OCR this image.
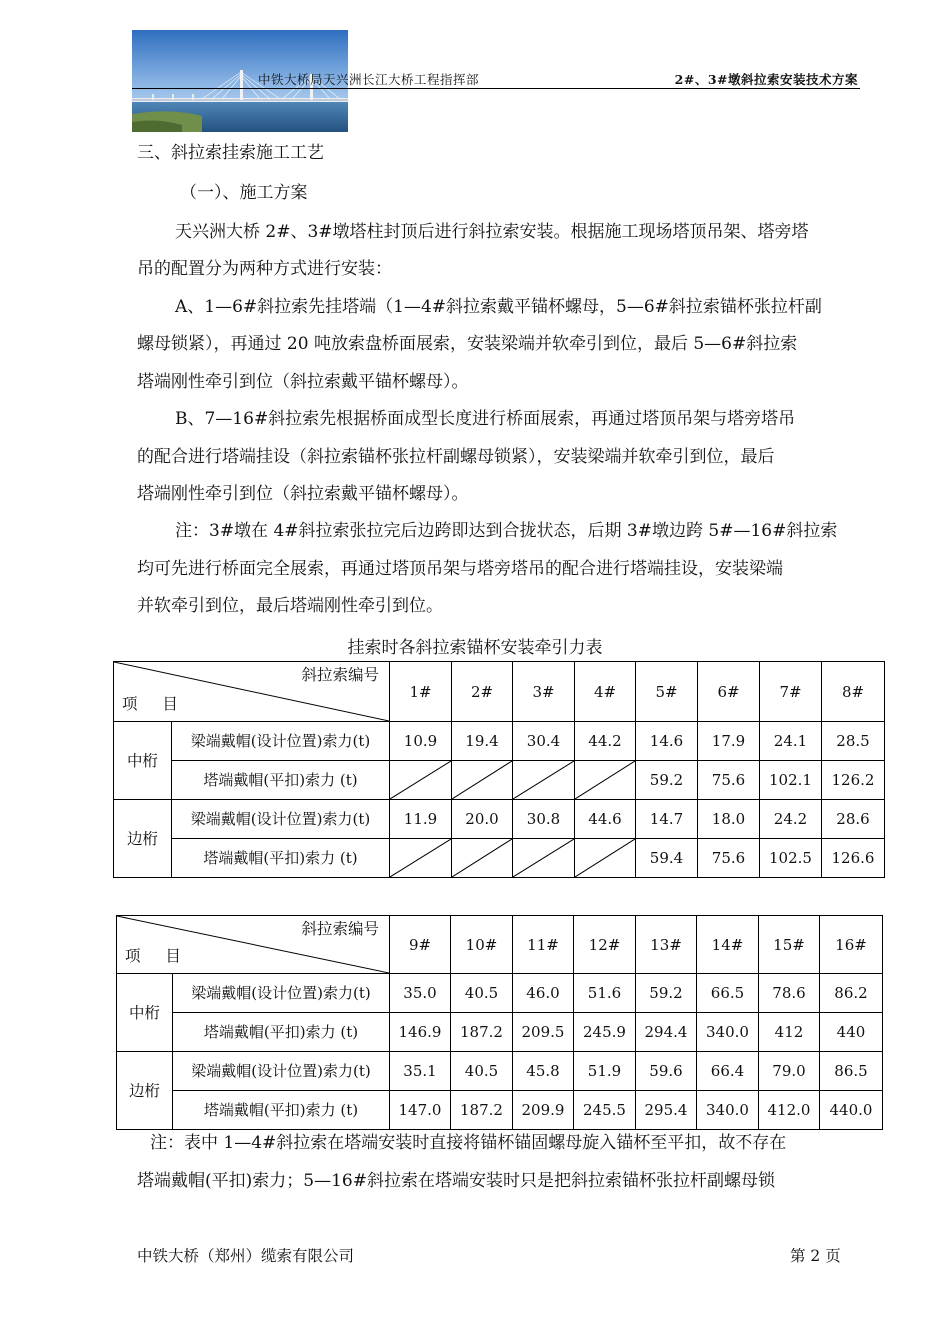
中铁大桥局天兴洲长江大桥工程指挥部	2#、3#墩斜拉索安装技术方案
三、斜拉索挂索施工工艺
（一）、施工方案
天兴洲大桥 2#、3#墩塔柱封顶后进行斜拉索安装。根据施工现场塔顶吊架、塔旁塔
吊的配置分为两种方式进行安装：
A、1—6#斜拉索先挂塔端（1—4#斜拉索戴平锚杯螺母，5—6#斜拉索锚杯张拉杆副
螺母锁紧），再通过 20 吨放索盘桥面展索，安装梁端并软牵引到位，最后 5—6#斜拉索
塔端刚性牵引到位（斜拉索戴平锚杯螺母）。
B、7—16#斜拉索先根据桥面成型长度进行桥面展索，再通过塔顶吊架与塔旁塔吊
的配合进行塔端挂设（斜拉索锚杯张拉杆副螺母锁紧），安装梁端并软牵引到位，最后
塔端刚性牵引到位（斜拉索戴平锚杯螺母）。
注：3#墩在 4#斜拉索张拉完后边跨即达到合拢状态，后期 3#墩边跨 5#—16#斜拉索
均可先进行桥面完全展索，再通过塔顶吊架与塔旁塔吊的配合进行塔端挂设，安装梁端
并软牵引到位，最后塔端刚性牵引到位。
挂索时各斜拉索锚杯安装牵引力表
斜拉索编号
项 目		1#	2#	3#	4#	5#	6#	7#	8#
中桁	梁端戴帽(设计位置)索力(t)	10.9	19.4	30.4	44.2	14.6	17.9	24.1	28.5
	塔端戴帽(平扣)索力 (t)					59.2	75.6	102.1	126.2
边桁	梁端戴帽(设计位置)索力(t)	11.9	20.0	30.8	44.6	14.7	18.0	24.2	28.6
	塔端戴帽(平扣)索力 (t)					59.4	75.6	102.5	126.6
斜拉索编号
项 目		9#	10#	11#	12#	13#	14#	15#	16#
中桁	梁端戴帽(设计位置)索力(t)	35.0	40.5	46.0	51.6	59.2	66.5	78.6	86.2
	塔端戴帽(平扣)索力 (t)	146.9	187.2	209.5	245.9	294.4	340.0	412	440
边桁	梁端戴帽(设计位置)索力(t)	35.1	40.5	45.8	51.9	59.6	66.4	79.0	86.5
	塔端戴帽(平扣)索力 (t)	147.0	187.2	209.9	245.5	295.4	340.0	412.0	440.0
注：表中 1—4#斜拉索在塔端安装时直接将锚杯锚固螺母旋入锚杯至平扣，故不存在
塔端戴帽(平扣)索力；5—16#斜拉索在塔端安装时只是把斜拉索锚杯张拉杆副螺母锁
中铁大桥（郑州）缆索有限公司	第 2 页
